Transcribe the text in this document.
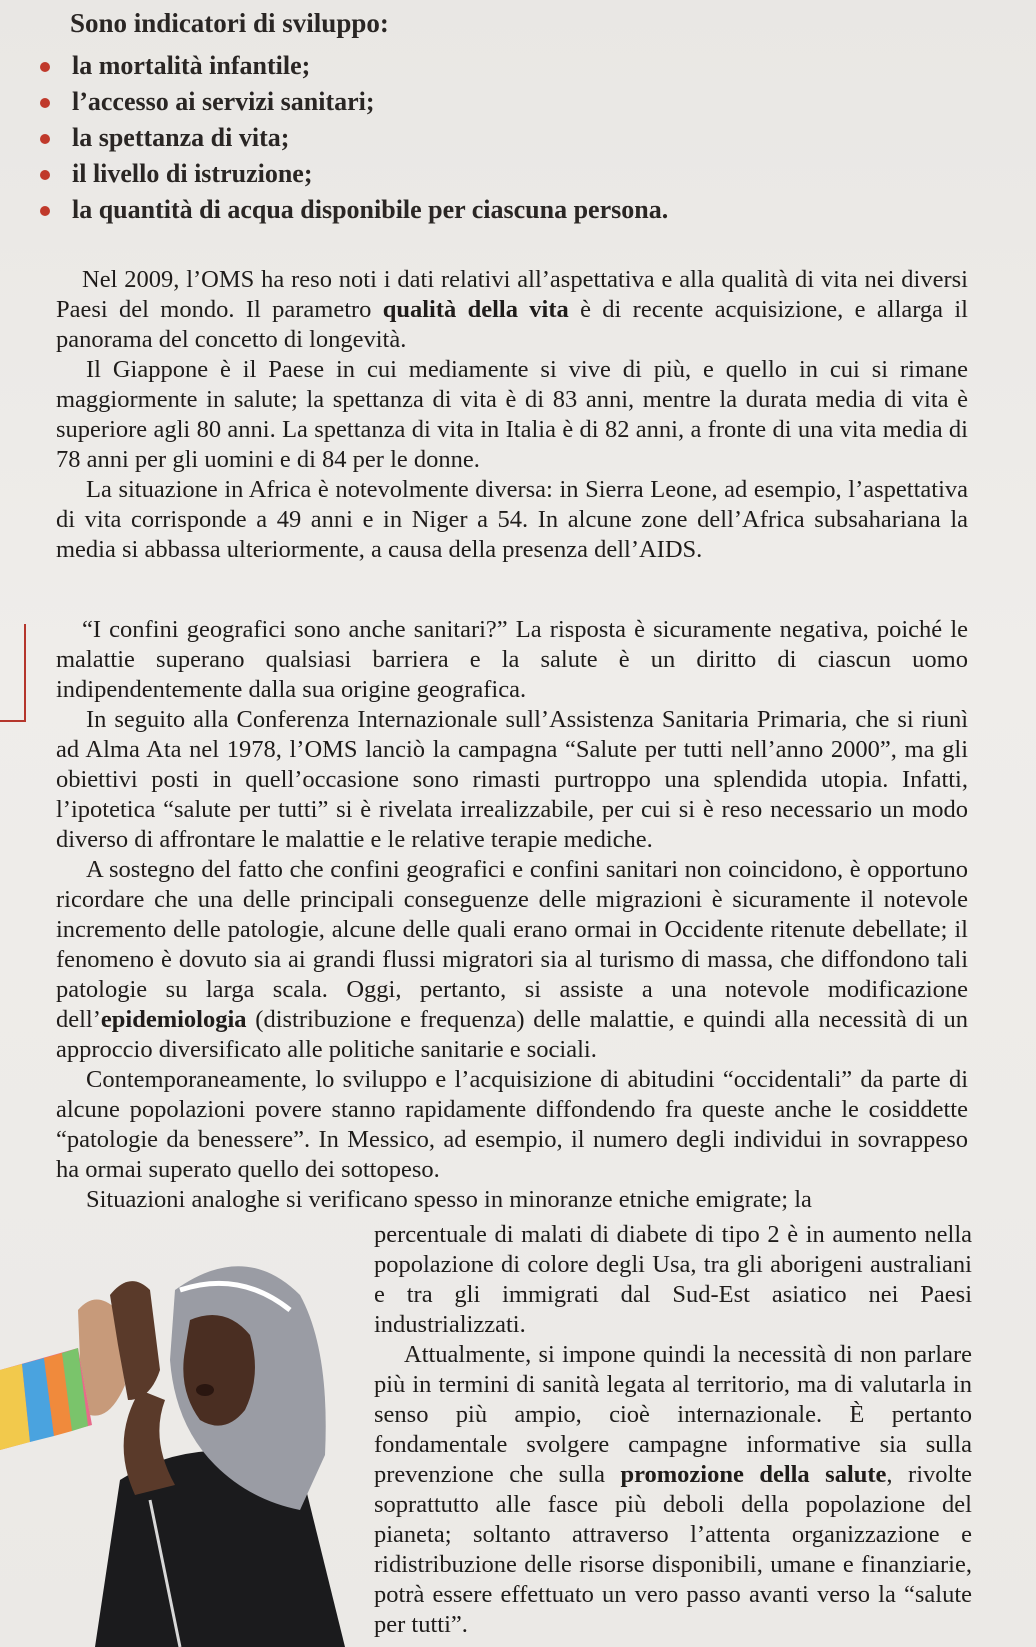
Sono indicatori di sviluppo:
la mortalità infantile;
l’accesso ai servizi sanitari;
la spettanza di vita;
il livello di istruzione;
la quantità di acqua disponibile per ciascuna persona.

Nel 2009, l’OMS ha reso noti i dati relativi all’aspettativa e alla qualità di vita nei diversi Paesi del mondo. Il parametro qualità della vita è di recente acquisizione, e allarga il panorama del concetto di longevità.

Il Giappone è il Paese in cui mediamente si vive di più, e quello in cui si rimane maggiormente in salute; la spettanza di vita è di 83 anni, mentre la durata media di vita è superiore agli 80 anni. La spettanza di vita in Italia è di 82 anni, a fronte di una vita media di 78 anni per gli uomini e di 84 per le donne.

La situazione in Africa è notevolmente diversa: in Sierra Leone, ad esempio, l’aspettativa di vita corrisponde a 49 anni e in Niger a 54. In alcune zone dell’Africa subsahariana la media si abbassa ulteriormente, a causa della presenza dell’AIDS.

“I confini geografici sono anche sanitari?” La risposta è sicuramente negativa, poiché le malattie superano qualsiasi barriera e la salute è un diritto di ciascun uomo indipendentemente dalla sua origine geografica.

In seguito alla Conferenza Internazionale sull’Assistenza Sanitaria Primaria, che si riunì ad Alma Ata nel 1978, l’OMS lanciò la campagna “Salute per tutti nell’anno 2000”, ma gli obiettivi posti in quell’occasione sono rimasti purtroppo una splendida utopia. Infatti, l’ipotetica “salute per tutti” si è rivelata irrealizzabile, per cui si è reso necessario un modo diverso di affrontare le malattie e le relative terapie mediche.

A sostegno del fatto che confini geografici e confini sanitari non coincidono, è opportuno ricordare che una delle principali conseguenze delle migrazioni è sicuramente il notevole incremento delle patologie, alcune delle quali erano ormai in Occidente ritenute debellate; il fenomeno è dovuto sia ai grandi flussi migratori sia al turismo di massa, che diffondono tali patologie su larga scala. Oggi, pertanto, si assiste a una notevole modificazione dell’epidemiologia (distribuzione e frequenza) delle malattie, e quindi alla necessità di un approccio diversificato alle politiche sanitarie e sociali.

Contemporaneamente, lo sviluppo e l’acquisizione di abitudini “occidentali” da parte di alcune popolazioni povere stanno rapidamente diffondendo fra queste anche le cosiddette “patologie da benessere”. In Messico, ad esempio, il numero degli individui in sovrappeso ha ormai superato quello dei sottopeso.

Situazioni analoghe si verificano spesso in minoranze etniche emigrate; la

percentuale di malati di diabete di tipo 2 è in aumento nella popolazione di colore degli Usa, tra gli aborigeni australiani e tra gli immigrati dal Sud-Est asiatico nei Paesi industrializzati.

Attualmente, si impone quindi la necessità di non parlare più in termini di sanità legata al territorio, ma di valutarla in senso più ampio, cioè internazionale. È pertanto fondamentale svolgere campagne informative sia sulla prevenzione che sulla promozione della salute, rivolte soprattutto alle fasce più deboli della popolazione del pianeta; soltanto attraverso l’attenta organizzazione e ridistribuzione delle risorse disponibili, umane e finanziarie, potrà essere effettuato un vero passo avanti verso la “salute per tutti”.
